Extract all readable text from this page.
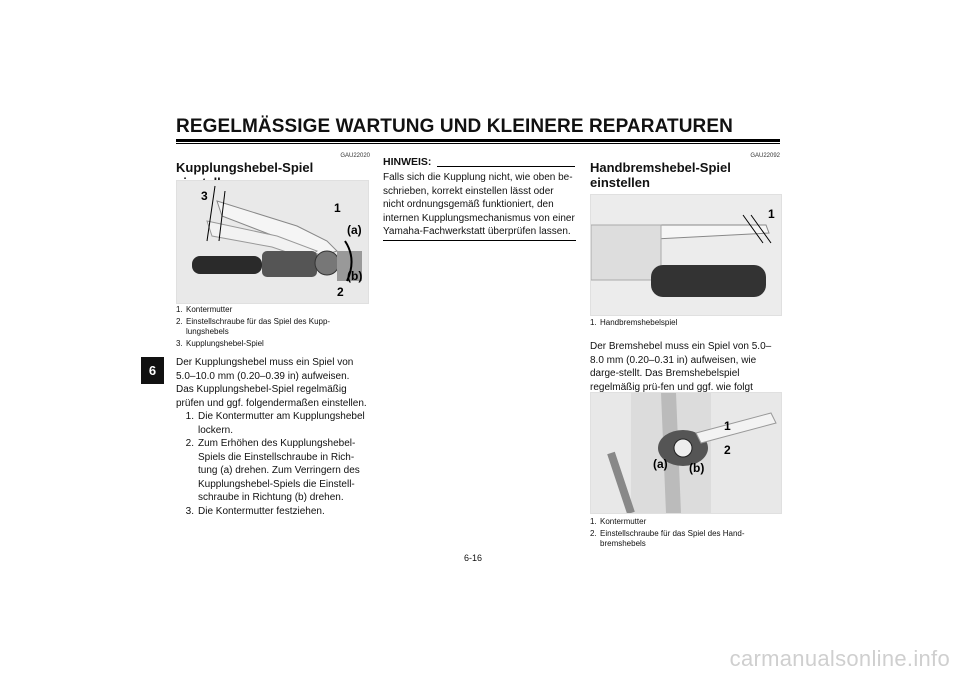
REGELMÄSSIGE WARTUNG UND KLEINERE REPARATUREN
6
GAU22020
Kupplungshebel-Spiel
3
1
(a)
(b)
2
1. Kontermutter
2. Einstellschraube für das Spiel des Kupp-lungshebels
3. Kupplungshebel-Spiel
Der Kupplungshebel muss ein Spiel von 5.0–10.0 mm (0.20–0.39 in) aufweisen. Das Kupplungshebel-Spiel regelmäßig prüfen und ggf. folgendermaßen einstellen.
1. Die Kontermutter am Kupplungshebel lockern.
2. Zum Erhöhen des Kupplungshebel-Spiels die Einstellschraube in Rich-tung (a) drehen. Zum Verringern des Kupplungshebel-Spiels die Einstell-schraube in Richtung (b) drehen.
3. Die Kontermutter festziehen.
HINWEIS:
Falls sich die Kupplung nicht, wie oben be-schrieben, korrekt einstellen lässt oder nicht ordnungsgemäß funktioniert, den internen Kupplungsmechanismus von einer Yamaha-Fachwerkstatt überprüfen lassen.
GAU22092
Handbremshebel-Spiel
einstellen
1
1. Handbremshebelspiel
Der Bremshebel muss ein Spiel von 5.0–8.0 mm (0.20–0.31 in) aufweisen, wie darge-stellt. Das Bremshebelspiel regelmäßig prü-fen und ggf. wie folgt
1
2
(a) (b)
1. Kontermutter
2. Einstellschraube für das Spiel des Hand-bremshebels
6-16
carmanualsonline.info
